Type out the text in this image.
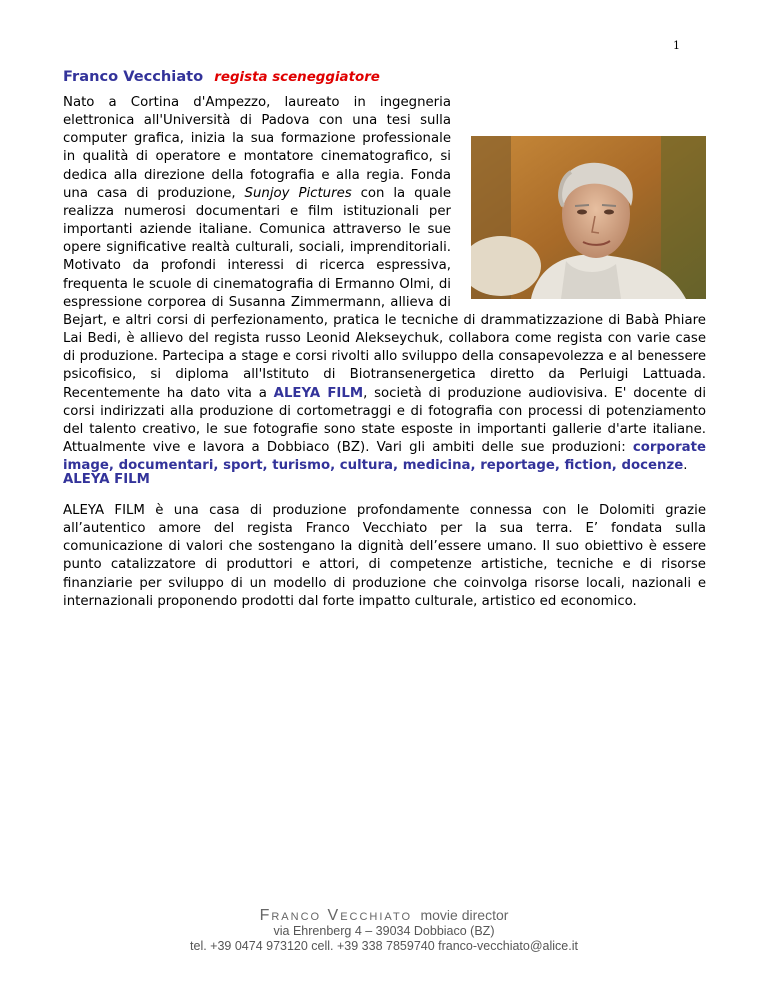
1
Franco Vecchiato regista sceneggiatore
Nato a Cortina d'Ampezzo, laureato in ingegneria elettronica all'Università di Padova con una tesi sulla computer grafica, inizia la sua formazione professionale in qualità di operatore e montatore cinematografico, si dedica alla direzione della fotografia e alla regia. Fonda una casa di produzione, Sunjoy Pictures con la quale realizza numerosi documentari e film istituzionali per importanti aziende italiane. Comunica attraverso le sue opere significative realtà culturali, sociali, imprenditoriali. Motivato da profondi interessi di ricerca espressiva, frequenta le scuole di cinematografia di Ermanno Olmi, di espressione corporea di Susanna Zimmermann, allieva di Bejart, e altri corsi di perfezionamento, pratica le tecniche di drammatizzazione di Babà Phiare Lai Bedi, è allievo del regista russo Leonid Alekseychuk, collabora come regista con varie case di produzione. Partecipa a stage e corsi rivolti allo sviluppo della consapevolezza e al benessere psicofisico, si diploma all'Istituto di Biotransenergetica diretto da Perluigi Lattuada. Recentemente ha dato vita a ALEYA FILM, società di produzione audiovisiva. E' docente di corsi indirizzati alla produzione di cortometraggi e di fotografia con processi di potenziamento del talento creativo, le sue fotografie sono state esposte in importanti gallerie d'arte italiane. Attualmente vive e lavora a Dobbiaco (BZ). Vari gli ambiti delle sue produzioni: corporate image, documentari, sport, turismo, cultura, medicina, reportage, fiction, docenze.
ALEYA FILM
ALEYA FILM è una casa di produzione profondamente connessa con le Dolomiti grazie all’autentico amore del regista Franco Vecchiato per la sua terra. E’ fondata sulla comunicazione di valori che sostengano la dignità dell’essere umano. Il suo obiettivo è essere punto catalizzatore di produttori e attori, di competenze artistiche, tecniche e di risorse finanziarie per sviluppo di un modello di produzione che coinvolga risorse locali, nazionali e internazionali proponendo prodotti dal forte impatto culturale, artistico ed economico.
Franco Vecchiato movie director
via Ehrenberg 4 – 39034 Dobbiaco (BZ)
tel. +39 0474 973120 cell. +39 338 7859740 franco-vecchiato@alice.it
